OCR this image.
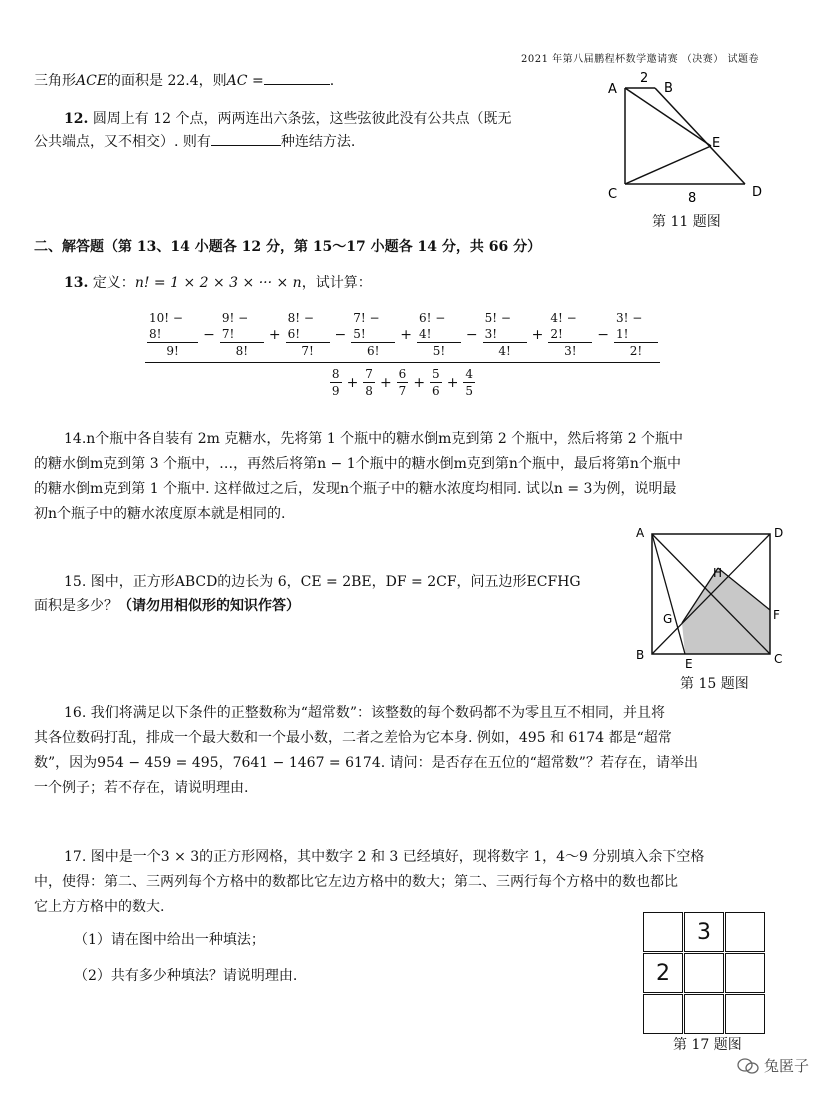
2021 年第八届鹏程杯数学邀请赛 （决赛） 试题卷
三角形ACE的面积是 22.4，则AC =	.
12. 圆周上有 12 个点，两两连出六条弦，这些弦彼此没有公共点（既无
公共端点，又不相交）. 则有	种连结方法.
A	B
C	D
E
2
8
第 11 题图
二、解答题（第 13、14 小题各 12 分，第 15～17 小题各 14 分，共 66 分）
13. 定义：n! = 1 × 2 × 3 × ··· × n，试计算：
$\frac{10! - 8!}{9!} - \frac{9! - 7!}{8!} + \frac{8! - 6!}{7!} - \frac{7! - 5!}{6!} + \frac{6! - 4!}{5!} - \frac{5! - 3!}{4!} + \frac{4! - 2!}{3!} - \frac{3! - 1!}{2!}$
$\frac{8}{9} + \frac{7}{8} + \frac{6}{7} + \frac{5}{6} + \frac{4}{5}$
14.n个瓶中各自装有 2m 克糖水，先将第 1 个瓶中的糖水倒m克到第 2 个瓶中，然后将第 2 个瓶中
的糖水倒m克到第 3 个瓶中，…，再然后将第n − 1个瓶中的糖水倒m克到第n个瓶中，最后将第n个瓶中
的糖水倒m克到第 1 个瓶中. 这样做过之后，发现n个瓶子中的糖水浓度均相同. 试以n = 3为例，说明最
初n个瓶子中的糖水浓度原本就是相同的.
15. 图中，正方形ABCD的边长为 6，CE = 2BE，DF = 2CF，问五边形ECFHG
面积是多少？（请勿用相似形的知识作答）
A	D
B	C
E
F
G
H
第 15 题图
16. 我们将满足以下条件的正整数称为“超常数”：该整数的每个数码都不为零且互不相同，并且将
其各位数码打乱，排成一个最大数和一个最小数，二者之差恰为它本身. 例如，495 和 6174 都是“超常
数”，因为954 − 459 = 495，7641 − 1467 = 6174. 请问：是否存在五位的“超常数”？若存在，请举出
一个例子；若不存在，请说明理由.
17. 图中是一个3 × 3的正方形网格，其中数字 2 和 3 已经填好，现将数字 1，4～9 分别填入余下空格
中，使得：第二、三两列每个方格中的数都比它左边方格中的数大；第二、三两行每个方格中的数也都比
它上方方格中的数大.
（1）请在图中给出一种填法；
（2）共有多少种填法？请说明理由.
3
2
第 17 题图
兔匿子
